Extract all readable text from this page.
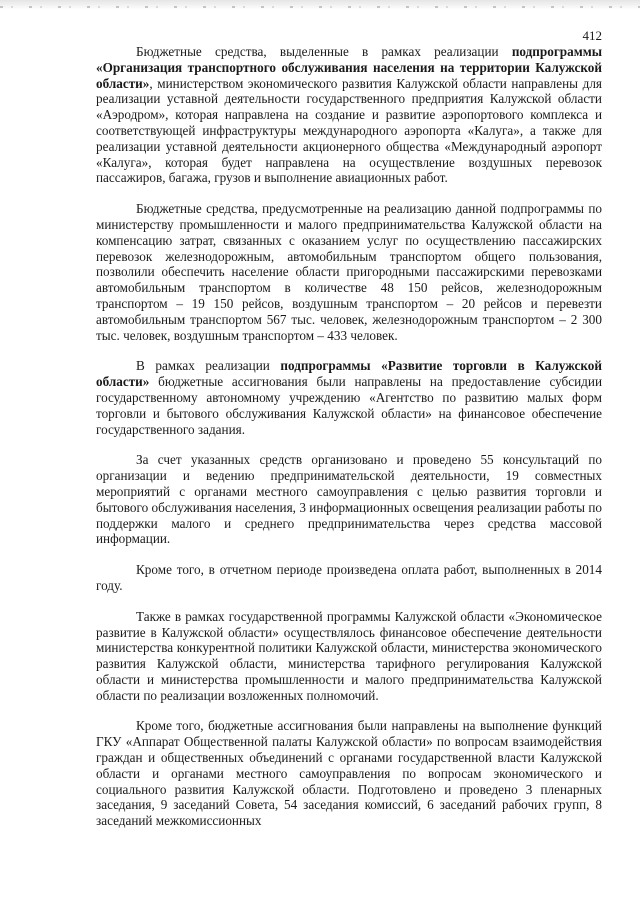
412

Бюджетные средства, выделенные в рамках реализации подпрограммы «Организация транспортного обслуживания населения на территории Калужской области», министерством экономического развития Калужской области направлены для реализации уставной деятельности государственного предприятия Калужской области «Аэродром», которая направлена на создание и развитие аэропортового комплекса и соответствующей инфраструктуры международного аэропорта «Калуга», а также для реализации уставной деятельности акционерного общества «Международный аэропорт «Калуга», которая будет направлена на осуществление воздушных перевозок пассажиров, багажа, грузов и выполнение авиационных работ.

Бюджетные средства, предусмотренные на реализацию данной подпрограммы по министерству промышленности и малого предпринимательства Калужской области на компенсацию затрат, связанных с оказанием услуг по осуществлению пассажирских перевозок железнодорожным, автомобильным транспортом общего пользования, позволили обеспечить население области пригородными пассажирскими перевозками автомобильным транспортом в количестве 48 150 рейсов, железнодорожным транспортом – 19 150 рейсов, воздушным транспортом – 20 рейсов и перевезти автомобильным транспортом 567 тыс. человек, железнодорожным транспортом – 2 300 тыс. человек, воздушным транспортом – 433 человек.

В рамках реализации подпрограммы «Развитие торговли в Калужской области» бюджетные ассигнования были направлены на предоставление субсидии государственному автономному учреждению «Агентство по развитию малых форм торговли и бытового обслуживания Калужской области» на финансовое обеспечение государственного задания.

За счет указанных средств организовано и проведено 55 консультаций по организации и ведению предпринимательской деятельности, 19 совместных мероприятий с органами местного самоуправления с целью развития торговли и бытового обслуживания населения, 3 информационных освещения реализации работы по поддержки малого и среднего предпринимательства через средства массовой информации.

Кроме того, в отчетном периоде произведена оплата работ, выполненных в 2014 году.

Также в рамках государственной программы Калужской области «Экономическое развитие в Калужской области» осуществлялось финансовое обеспечение деятельности министерства конкурентной политики Калужской области, министерства экономического развития Калужской области, министерства тарифного регулирования Калужской области и министерства промышленности и малого предпринимательства Калужской области по реализации возложенных полномочий.

Кроме того, бюджетные ассигнования были направлены на выполнение функций ГКУ «Аппарат Общественной палаты Калужской области» по вопросам взаимодействия граждан и общественных объединений с органами государственной власти Калужской области и органами местного самоуправления по вопросам экономического и социального развития Калужской области. Подготовлено и проведено 3 пленарных заседания, 9 заседаний Совета, 54 заседания комиссий, 6 заседаний рабочих групп, 8 заседаний межкомиссионных
